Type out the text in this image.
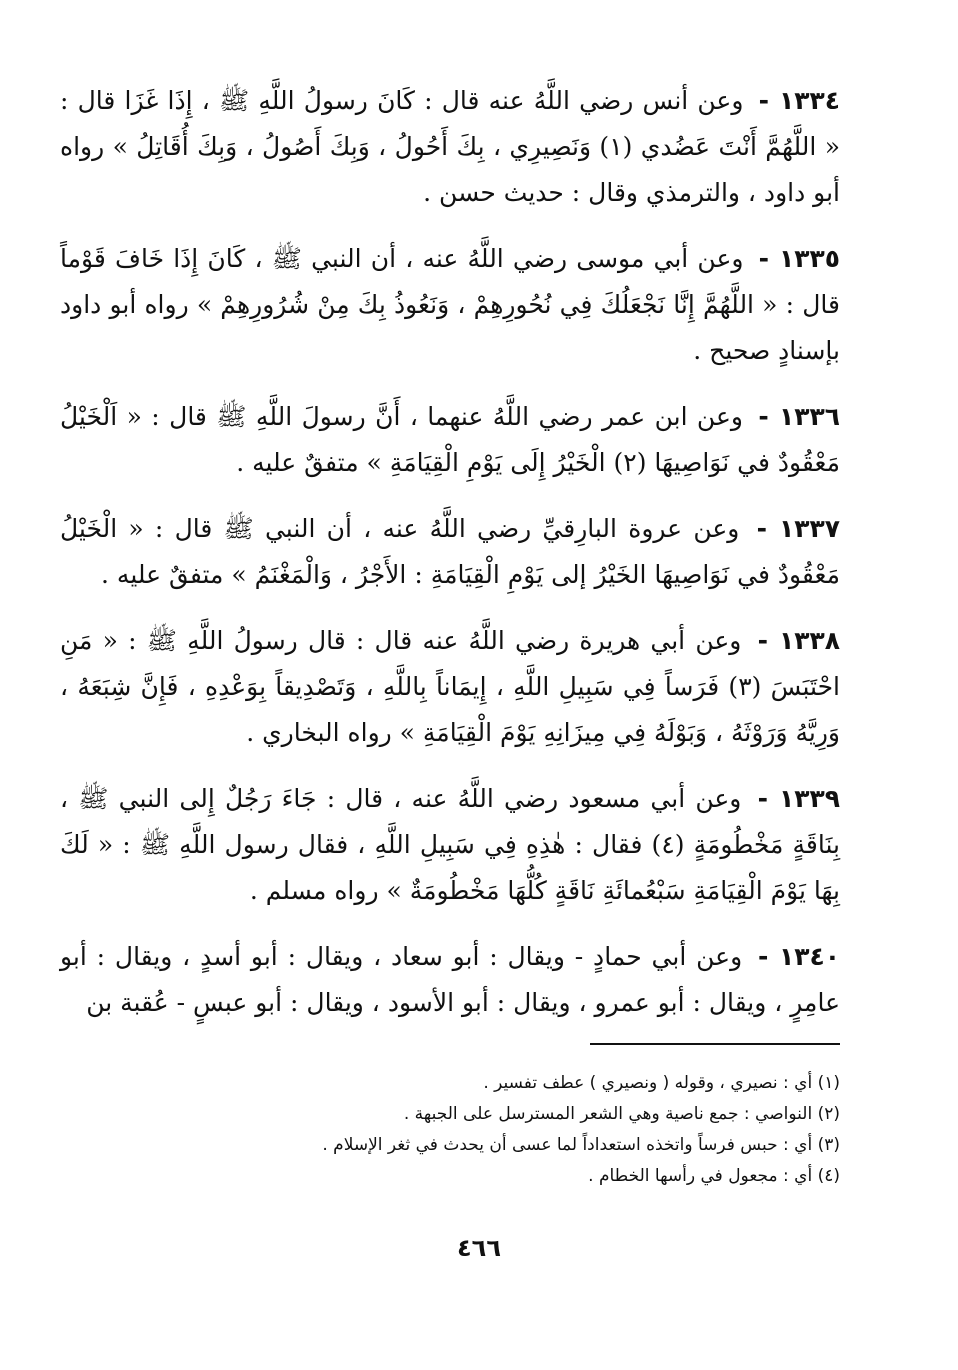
١٣٣٤ - وعن أنس رضي اللَّهُ عنه قال : كَانَ رسولُ اللَّهِ ﷺ ، إِذَا غَزَا قال : « اللَّهُمَّ أَنْتَ عَضُدي (١) وَنَصِيرِي ، بِكَ أَحُولُ ، وَبِكَ أَصُولُ ، وَبِكَ أُقَاتِلُ » رواه أبو داود ، والترمذي وقال : حديث حسن .

١٣٣٥ - وعن أبي موسى رضي اللَّهُ عنه ، أن النبي ﷺ ، كَانَ إِذَا خَافَ قَوْماً قال : « اللَّهُمَّ إِنَّا نَجْعَلُكَ فِي نُحُورِهِمْ ، وَنَعُوذُ بِكَ مِنْ شُرُورِهِمْ » رواه أبو داود بإسنادٍ صحيح .

١٣٣٦ - وعن ابن عمر رضي اللَّهُ عنهما ، أَنَّ رسولَ اللَّهِ ﷺ قال : « اَلْخَيْلُ مَعْقُودٌ في نَوَاصِيهَا (٢) الْخَيْرُ إِلَى يَوْمِ الْقِيَامَةِ » متفقٌ عليه .

١٣٣٧ - وعن عروة البارِقيِّ رضي اللَّهُ عنه ، أن النبي ﷺ قال : « الْخَيْلُ مَعْقُودٌ في نَوَاصِيهَا الخَيْرُ إلى يَوْمِ الْقِيَامَةِ : الأَجْرُ ، وَالْمَغْنَمُ » متفقٌ عليه .

١٣٣٨ - وعن أبي هريرة رضي اللَّهُ عنه قال : قال رسولُ اللَّهِ ﷺ : « مَنِ احْتَبَسَ (٣) فَرَساً فِي سَبِيلِ اللَّهِ ، إِيمَاناً بِاللَّهِ ، وَتَصْدِيقاً بِوَعْدِهِ ، فَإِنَّ شِبَعَهُ ، وَرِيَّهُ وَرَوْثَهُ ، وَبَوْلَهُ فِي مِيزَانِهِ يَوْمَ الْقِيَامَةِ » رواه البخاري .

١٣٣٩ - وعن أبي مسعود رضي اللَّهُ عنه ، قال : جَاءَ رَجُلٌ إِلى النبي ﷺ ، بِنَاقَةٍ مَخْطُومَةٍ (٤) فقال : هٰذِهِ فِي سَبِيلِ اللَّهِ ، فقال رسول اللَّهِ ﷺ : « لَكَ بِهَا يَوْمَ الْقِيَامَةِ سَبْعُمائَةِ نَاقَةٍ كُلُّهَا مَخْطُومَةٌ » رواه مسلم .

١٣٤٠ - وعن أبي حمادٍ - ويقال : أبو سعاد ، ويقال : أبو أسدٍ ، ويقال : أبو عامِرٍ ، ويقال : أبو عمرو ، ويقال : أبو الأسود ، ويقال : أبو عبسٍ - عُقبة بن

(١) أي : نصيري ، وقوله ( ونصيري ) عطف تفسير .

(٢) النواصي : جمع ناصية وهي الشعر المسترسل على الجبهة .

(٣) أي : حبس فرساً واتخذه استعداداً لما عسى أن يحدث في ثغر الإسلام .

(٤) أي : مجعول في رأسها الخطام .

٤٦٦
